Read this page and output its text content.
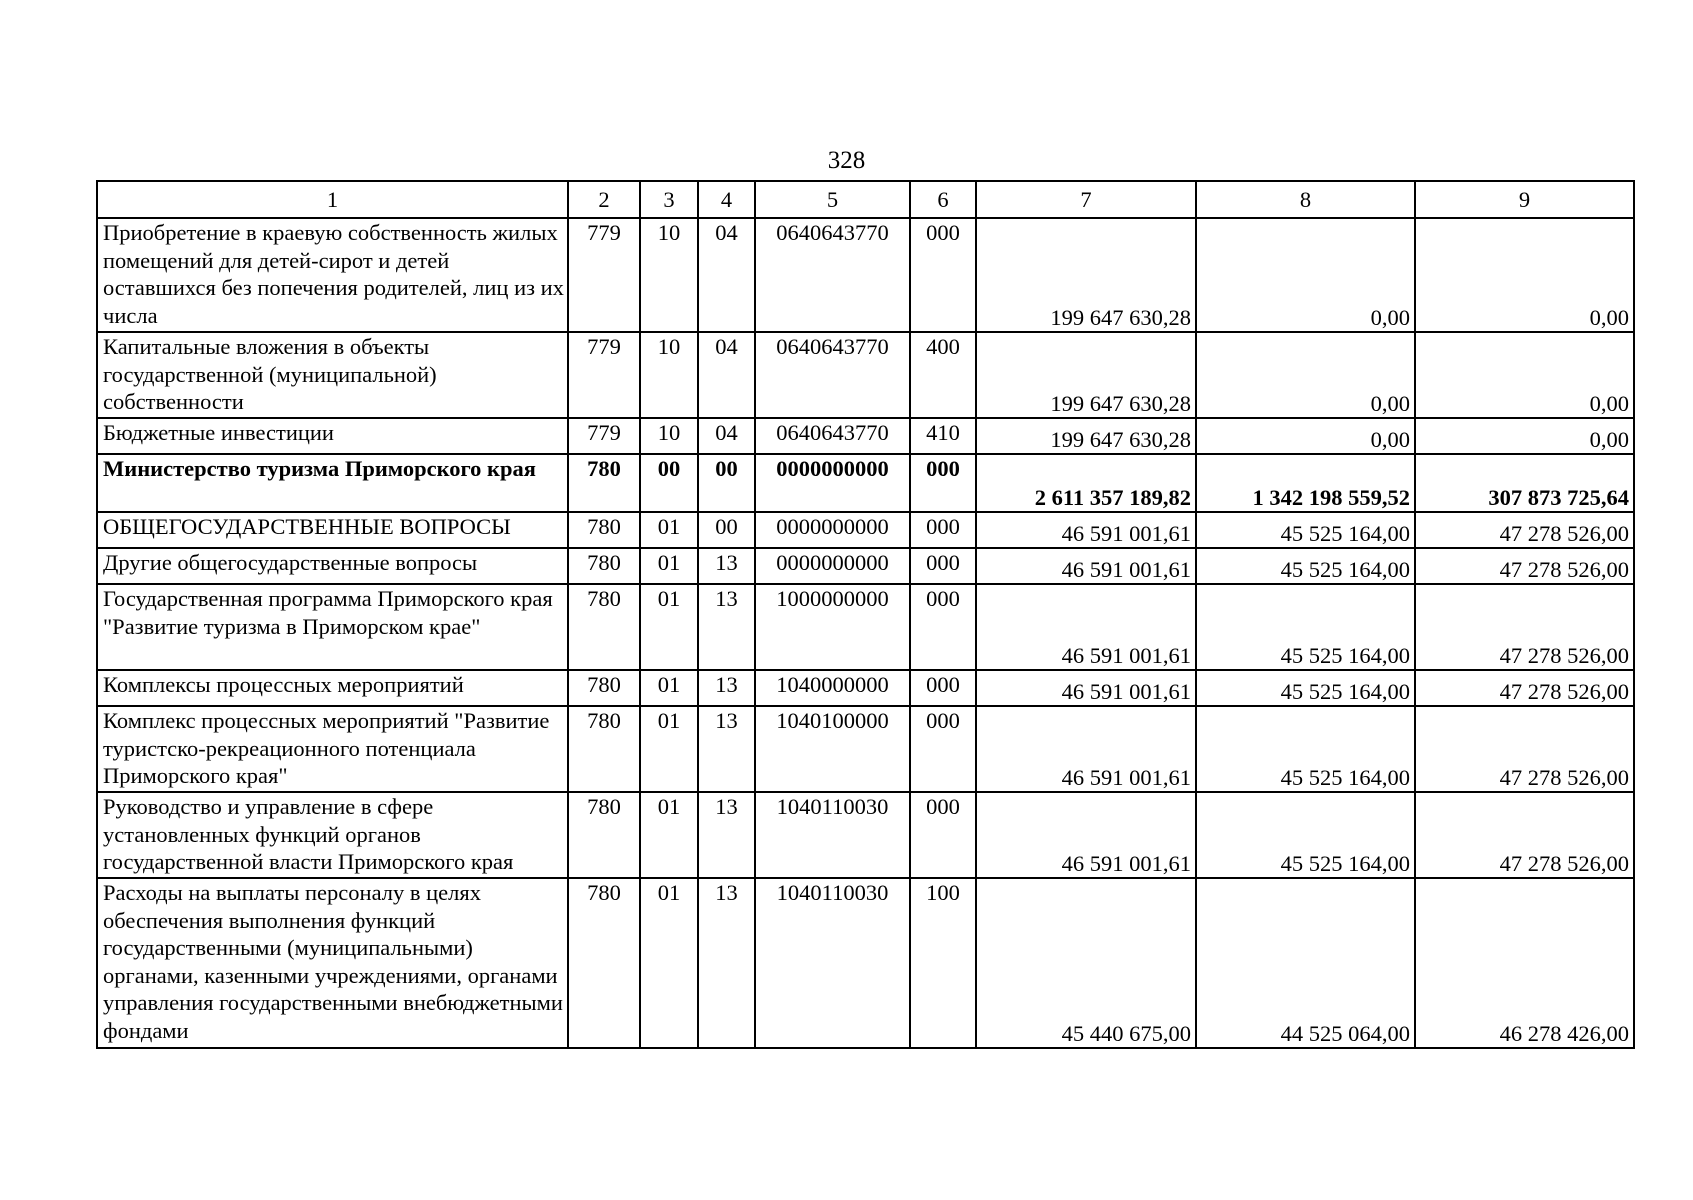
328
1	2	3	4	5	6	7	8	9
Приобретение в краевую собственность жилых помещений для детей-сирот и детей оставшихся без попечения родителей, лиц из их числа	779	10	04	0640643770	000	199 647 630,28	0,00	0,00
Капитальные вложения в объекты государственной (муниципальной) собственности	779	10	04	0640643770	400	199 647 630,28	0,00	0,00
Бюджетные инвестиции	779	10	04	0640643770	410	199 647 630,28	0,00	0,00
Министерство туризма Приморского края	780	00	00	0000000000	000	2 611 357 189,82	1 342 198 559,52	307 873 725,64
ОБЩЕГОСУДАРСТВЕННЫЕ ВОПРОСЫ	780	01	00	0000000000	000	46 591 001,61	45 525 164,00	47 278 526,00
Другие общегосударственные вопросы	780	01	13	0000000000	000	46 591 001,61	45 525 164,00	47 278 526,00
Государственная программа Приморского края "Развитие туризма в Приморском крае"	780	01	13	1000000000	000	46 591 001,61	45 525 164,00	47 278 526,00
Комплексы процессных мероприятий	780	01	13	1040000000	000	46 591 001,61	45 525 164,00	47 278 526,00
Комплекс процессных мероприятий "Развитие туристско-рекреационного потенциала Приморского края"	780	01	13	1040100000	000	46 591 001,61	45 525 164,00	47 278 526,00
Руководство и управление в сфере установленных функций органов государственной власти Приморского края	780	01	13	1040110030	000	46 591 001,61	45 525 164,00	47 278 526,00
Расходы на выплаты персоналу в целях обеспечения выполнения функций государственными (муниципальными) органами, казенными учреждениями, органами управления государственными внебюджетными фондами	780	01	13	1040110030	100	45 440 675,00	44 525 064,00	46 278 426,00
